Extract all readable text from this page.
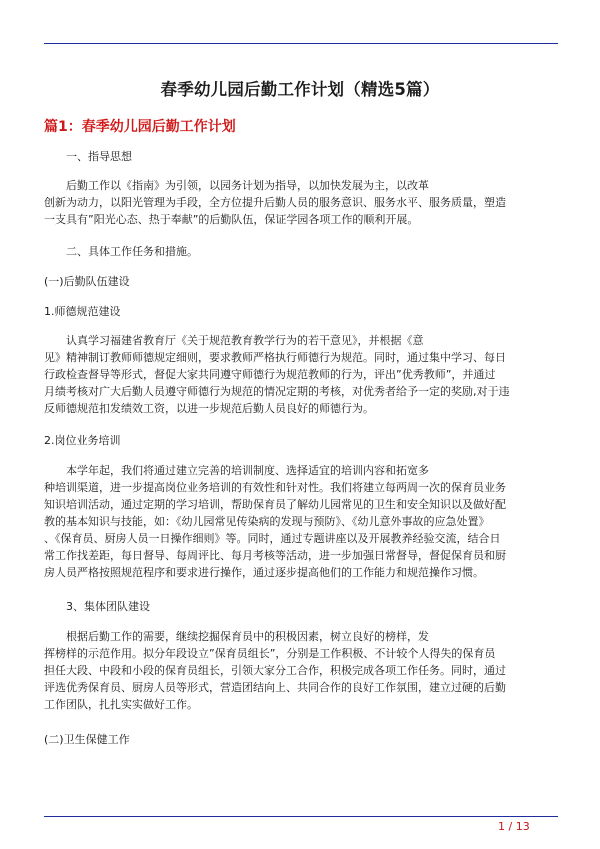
春季幼儿园后勤工作计划（精选5篇）
篇1：春季幼儿园后勤工作计划
一、指导思想
后勤工作以《指南》为引领，以园务计划为指导，以加快发展为主，以改革
创新为动力，以阳光管理为手段，全方位提升后勤人员的服务意识、服务水平、服务质量，塑造
一支具有”阳光心态、热于奉献”的后勤队伍，保证学园各项工作的顺利开展。
二、具体工作任务和措施。
(一)后勤队伍建设
1.师德规范建设
认真学习福建省教育厅《关于规范教育教学行为的若干意见》，并根据《意
见》精神制订教师师德规定细则，要求教师严格执行师德行为规范。同时，通过集中学习、每日
行政检查督导等形式，督促大家共同遵守师德行为规范教师的行为，评出”优秀教师”，并通过
月绩考核对广大后勤人员遵守师德行为规范的情况定期的考核，对优秀者给予一定的奖励,对于违
反师德规范扣发绩效工资，以进一步规范后勤人员良好的师德行为。
2.岗位业务培训
本学年起，我们将通过建立完善的培训制度、选择适宜的培训内容和拓宽多
种培训渠道，进一步提高岗位业务培训的有效性和针对性。我们将建立每两周一次的保育员业务
知识培训活动，通过定期的学习培训，帮助保育员了解幼儿园常见的卫生和安全知识以及做好配
教的基本知识与技能，如：《幼儿园常见传染病的发现与预防》、《幼儿意外事故的应急处置》
、《保育员、厨房人员一日操作细则》等。同时，通过专题讲座以及开展教养经验交流，结合日
常工作找差距，每日督导、每周评比、每月考核等活动，进一步加强日常督导，督促保育员和厨
房人员严格按照规范程序和要求进行操作，通过逐步提高他们的工作能力和规范操作习惯。
3、集体团队建设
根据后勤工作的需要，继续挖掘保育员中的积极因素，树立良好的榜样，发
挥榜样的示范作用。拟分年段设立”保育员组长”，分别是工作积极、不计较个人得失的保育员
担任大段、中段和小段的保育员组长，引领大家分工合作，积极完成各项工作任务。同时，通过
评选优秀保育员、厨房人员等形式，营造团结向上、共同合作的良好工作氛围，建立过硬的后勤
工作团队，扎扎实实做好工作。
(二)卫生保健工作
1 / 13
